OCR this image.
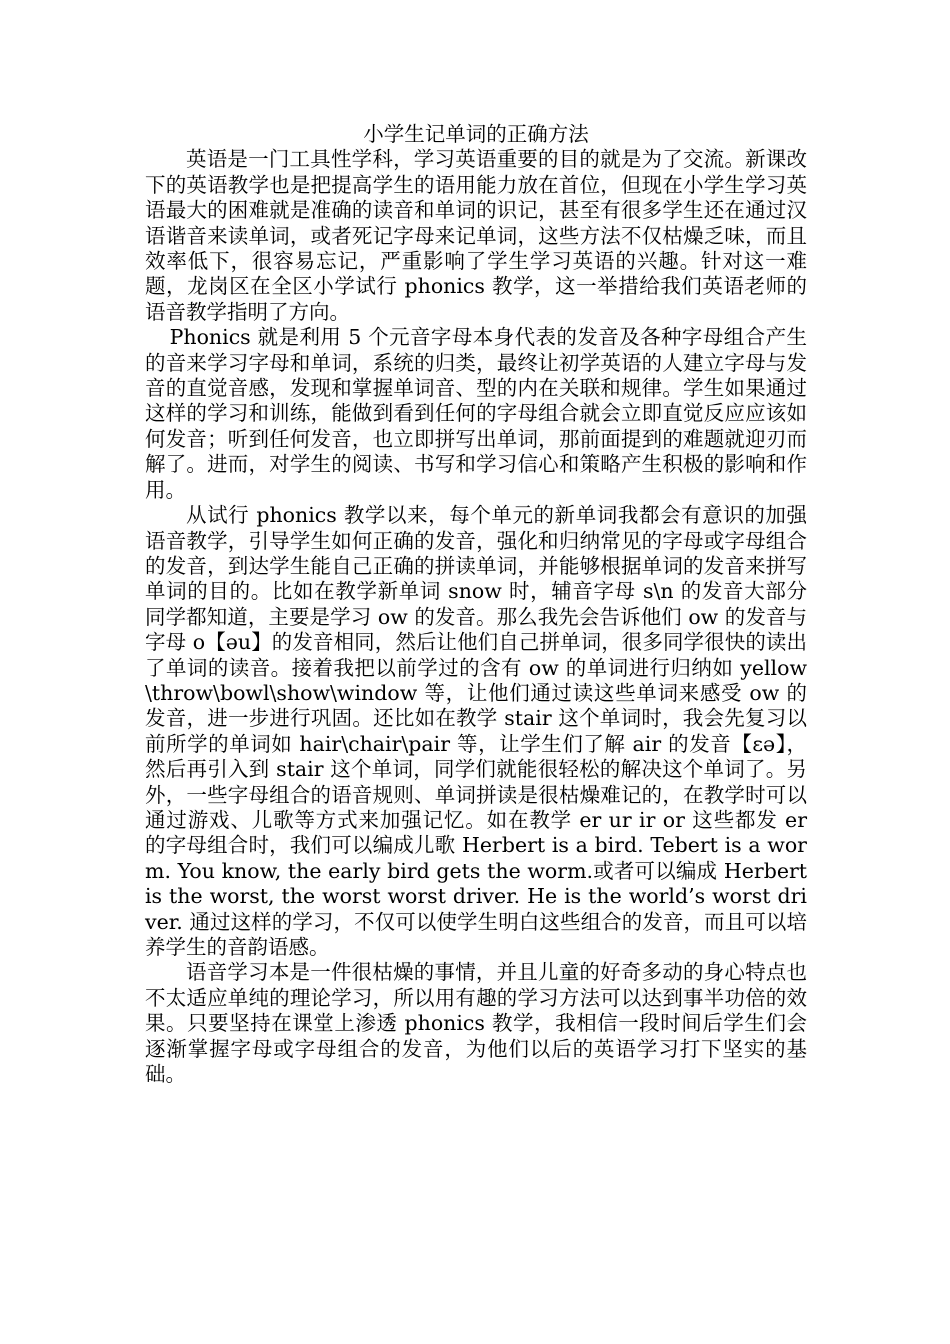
小学生记单词的正确方法

英语是一门工具性学科，学习英语重要的目的就是为了交流。新课改下的英语教学也是把提高学生的语用能力放在首位，但现在小学生学习英语最大的困难就是准确的读音和单词的识记，甚至有很多学生还在通过汉语谐音来读单词，或者死记字母来记单词，这些方法不仅枯燥乏味，而且效率低下，很容易忘记，严重影响了学生学习英语的兴趣。针对这一难题，龙岗区在全区小学试行 phonics 教学，这一举措给我们英语老师的语音教学指明了方向。

Phonics 就是利用 5 个元音字母本身代表的发音及各种字母组合产生的音来学习字母和单词，系统的归类，最终让初学英语的人建立字母与发音的直觉音感，发现和掌握单词音、型的内在关联和规律。学生如果通过这样的学习和训练，能做到看到任何的字母组合就会立即直觉反应应该如何发音；听到任何发音，也立即拼写出单词，那前面提到的难题就迎刃而解了。进而，对学生的阅读、书写和学习信心和策略产生积极的影响和作用。

从试行 phonics 教学以来，每个单元的新单词我都会有意识的加强语音教学，引导学生如何正确的发音，强化和归纳常见的字母或字母组合的发音，到达学生能自己正确的拼读单词，并能够根据单词的发音来拼写单词的目的。比如在教学新单词 snow 时，辅音字母 s\n 的发音大部分同学都知道，主要是学习 ow 的发音。那么我先会告诉他们 ow 的发音与字母 o【əu】的发音相同，然后让他们自己拼单词，很多同学很快的读出了单词的读音。接着我把以前学过的含有 ow 的单词进行归纳如 yellow\throw\bowl\show\window 等，让他们通过读这些单词来感受 ow 的发音，进一步进行巩固。还比如在教学 stair 这个单词时，我会先复习以前所学的单词如 hair\chair\pair 等，让学生们了解 air 的发音【εə】，然后再引入到 stair 这个单词，同学们就能很轻松的解决这个单词了。另外，一些字母组合的语音规则、单词拼读是很枯燥难记的，在教学时可以通过游戏、儿歌等方式来加强记忆。如在教学 er ur ir or 这些都发 er 的字母组合时，我们可以编成儿歌 Herbert is a bird. Tebert is a worm. You know, the early bird gets the worm.或者可以编成 Herbert is the worst, the worst worst driver. He is the world’s worst driver. 通过这样的学习，不仅可以使学生明白这些组合的发音，而且可以培养学生的音韵语感。

语音学习本是一件很枯燥的事情，并且儿童的好奇多动的身心特点也不太适应单纯的理论学习，所以用有趣的学习方法可以达到事半功倍的效果。只要坚持在课堂上渗透 phonics 教学，我相信一段时间后学生们会逐渐掌握字母或字母组合的发音，为他们以后的英语学习打下坚实的基础。
